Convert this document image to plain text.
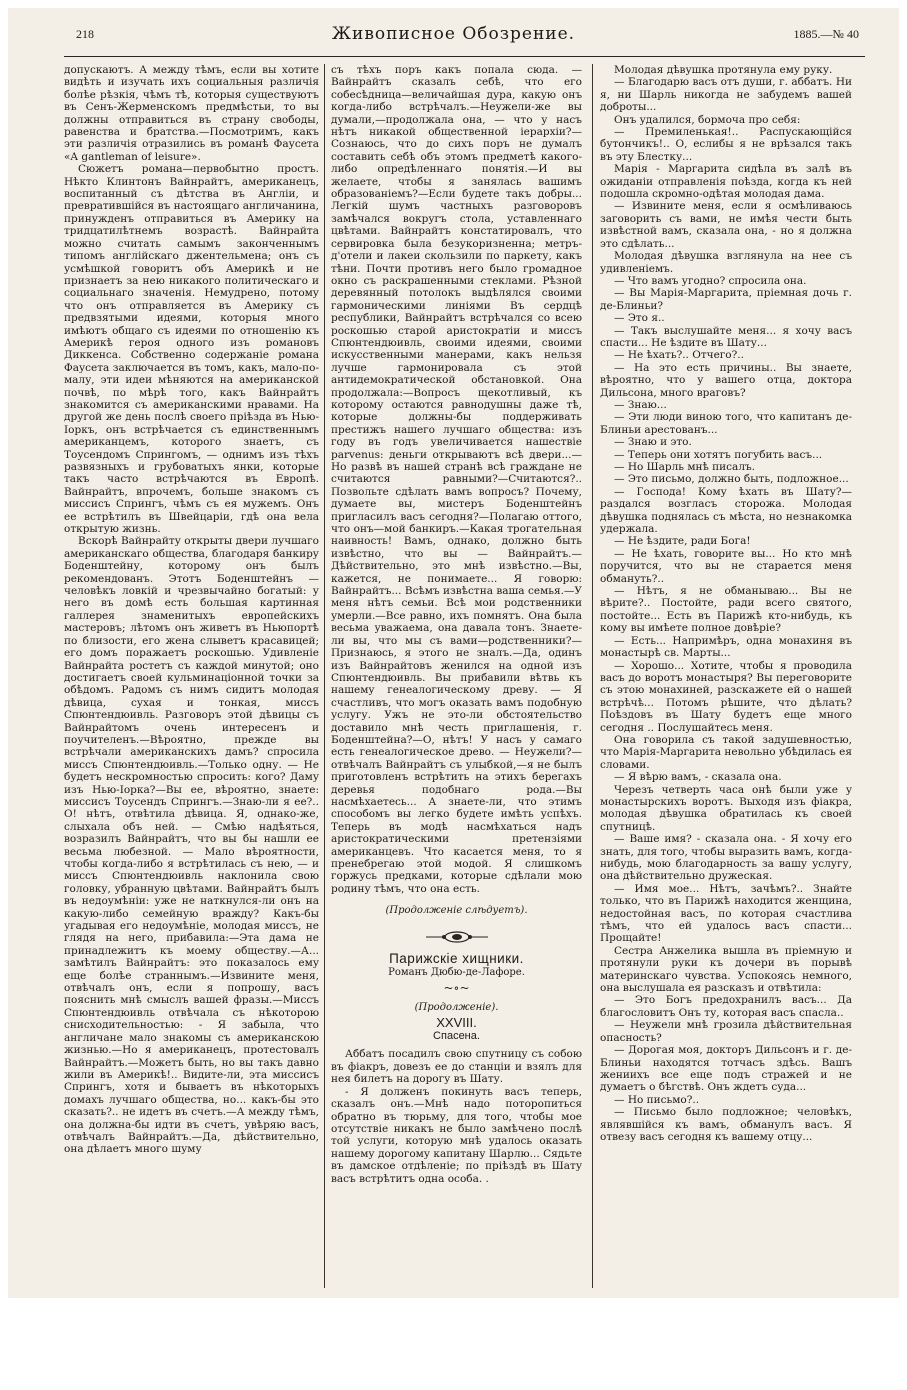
218	Живописное Обозрение.	1885.—№ 40

допускаютъ. А между тѣмъ, если вы хотите видѣть и изучать ихъ социальныя различія болѣе рѣзкія, чѣмъ тѣ, которыя существуютъ въ Сенъ-Жерменскомъ предмѣстьи, то вы должны отправиться въ страну свободы, равенства и братства.—Посмотримъ, какъ эти различія отразились въ романѣ Фаусета «A gantleman of leisure».

Сюжетъ романа—первобытно простъ. Нѣкто Клинтонъ Вайнрайтъ, американецъ, воспитанный съ дѣтства въ Англіи, и превратившійся въ настоящаго англичанина, принужденъ отправиться въ Америку на тридцатилѣтнемъ возрастѣ. Вайнрайта можно считать самымъ законченнымъ типомъ англійскаго джентельмена; онъ съ усмѣшкой говоритъ объ Америкѣ и не признаетъ за нею никакого политическаго и социальнаго значенія. Немудрено, потому что онъ отправляется въ Америку съ предвзятыми идеями, которыя много имѣютъ общаго съ идеями по отношенію къ Америкѣ героя одного изъ романовъ Диккенса. Собственно содержаніе романа Фаусета заключается въ томъ, какъ, мало-по-малу, эти идеи мѣняются на американской почвѣ, по мѣрѣ того, какъ Вайнрайтъ знакомится съ американскими нравами. На другой же день послѣ своего пріѣзда въ Нью-Іоркъ, онъ встрѣчается съ единственнымъ американцемъ, которого знаетъ, съ Тоусендомъ Спрингомъ, — однимъ изъ тѣхъ развязныхъ и грубоватыхъ янки, которые такъ часто встрѣчаются въ Европѣ. Вайнрайтъ, впрочемъ, больше знакомъ съ миссисъ Спрингъ, чѣмъ съ ея мужемъ. Онъ ее встрѣтилъ въ Швейцаріи, гдѣ она вела открытую жизнь.

Вскорѣ Вайнрайту открыты двери лучшаго американскаго общества, благодаря банкиру Боденштейну, которому онъ былъ рекомендованъ. Этотъ Боденштейнъ — человѣкъ ловкій и чрезвычайно богатый: у него въ домѣ есть большая картинная галлерея знаменитыхъ европейскихъ мастеровъ; лѣтомъ онъ живетъ въ Ньюпортѣ по близости, его жена слыветъ красавицей; его домъ поражаетъ роскошью. Удивленіе Вайнрайта ростетъ съ каждой минутой; оно достигаетъ своей кульминаціонной точки за обѣдомъ. Радомъ съ нимъ сидитъ молодая дѣвица, сухая и тонкая, миссъ Спюнтендюивль. Разговоръ этой дѣвицы съ Вайнрайтомъ очень интересенъ и поучителенъ.—Вѣроятно, прежде вы встрѣчали американскихъ дамъ? спросила миссъ Спюнтендюивль.—Только одну. — Не будетъ нескромностью спросить: кого? Даму изъ Нью-Іорка?—Вы ее, вѣроятно, знаете: миссисъ Тоусендъ Спрингъ.—Знаю-ли я ее?.. О! нѣтъ, отвѣтила дѣвица. Я, однако-же, слыхала объ ней. — Смѣю надѣяться, возразилъ Вайнрайтъ, что вы бы нашли ее весьма любезной. — Мало вѣроятности, чтобы когда-либо я встрѣтилась съ нею, — и миссъ Спюнтендюивль наклонила свою головку, убранную цвѣтами. Вайнрайтъ былъ въ недоумѣніи: уже не наткнулся-ли онъ на какую-либо семейную вражду? Какъ-бы угадывая его недоумѣніе, молодая миссъ, не глядя на него, прибавила:—Эта дама не принадлежитъ къ моему обществу.—А... замѣтилъ Вайнрайтъ: это показалось ему еще болѣе страннымъ.—Извините меня, отвѣчалъ онъ, если я попрошу, васъ пояснить мнѣ смыслъ вашей фразы.—Миссъ Спюнтендюивль отвѣчала съ нѣкоторою снисходительностью: - Я забыла, что англичане мало знакомы съ американскою жизнью.—Но я американецъ, протестовалъ Вайнрайтъ.—Можетъ быть, но вы такъ давно жили въ Америкѣ!.. Видите-ли, эта миссисъ Спрингъ, хотя и бываетъ въ нѣкоторыхъ домахъ лучшаго общества, но... какъ-бы это сказать?.. не идетъ въ счетъ.—А между тѣмъ, она должна-бы идти въ счетъ, увѣряю васъ, отвѣчалъ Вайнрайтъ.—Да, дѣйствительно, она дѣлаетъ много шуму

съ тѣхъ поръ какъ попала сюда. — Вайнрайтъ сказалъ себѣ, что его собесѣдница—величайшая дура, какую онъ когда-либо встрѣчалъ.—Неужели-же вы думали,—продолжала она, — что у насъ нѣтъ никакой общественной іерархіи?—Сознаюсь, что до сихъ поръ не думалъ составить себѣ объ этомъ предметѣ какого-либо опредѣленнаго понятія.—И вы желаете, чтобы я занялась вашимъ образованіемъ?—Если будете такъ добры... Легкій шумъ частныхъ разговоровъ замѣчался вокругъ стола, уставленнаго цвѣтами. Вайнрайтъ констатировалъ, что сервировка была безукоризненна; метръ-д'отели и лакеи скользили по паркету, какъ тѣни. Почти противъ него было громадное окно съ раскрашенными стеклами. Рѣзной деревянный потолокъ выдѣлялся своими гармоническими линіями Въ сердцѣ республики, Вайнрайтъ встрѣчался со всею роскошью старой аристократіи и миссъ Спюнтендюивль, своими идеями, своими искусственными манерами, какъ нельзя лучше гармонировала съ этой антидемократической обстановкой. Она продолжала:—Вопросъ щекотливый, къ которому остаются равнодушны даже тѣ, которые должны-бы поддерживать престижъ нашего лучшаго общества: изъ году въ годъ увеличивается нашествіе parvenus: деньги открываютъ всѣ двери...—Но развѣ въ нашей странѣ всѣ граждане не считаются равными?—Считаются?.. Позвольте сдѣлать вамъ вопросъ? Почему, думаете вы, мистеръ Боденштейнъ пригласилъ васъ сегодня?—Полагаю оттого, что онъ—мой банкиръ.—Какая трогательная наивность! Вамъ, однако, должно быть извѣстно, что вы — Вайнрайтъ.—Дѣйствительно, это мнѣ извѣстно.—Вы, кажется, не понимаете... Я говорю: Вайнрайтъ... Всѣмъ извѣстна ваша семья.—У меня нѣтъ семьи. Всѣ мои родственники умерли.—Все равно, ихъ помнятъ. Она была весьма уважаема, она давала тонъ. Знаете-ли вы, что мы съ вами—родственники?—Признаюсь, я этого не зналъ.—Да, одинъ изъ Вайнрайтовъ женился на одной изъ Спюнтендюивль. Вы прибавили вѣтвь къ нашему генеалогическому древу. — Я счастливъ, что могъ оказать вамъ подобную услугу. Ужъ не это-ли обстоятельство доставило мнѣ честь приглашенія, г. Боденштейна?—О, нѣтъ! У насъ у самаго есть генеалогическое древо. — Неужели?—отвѣчалъ Вайнрайтъ съ улыбкой,—я не былъ приготовленъ встрѣтить на этихъ берегахъ деревья подобнаго рода.—Вы насмѣхаетесь... А знаете-ли, что этимъ способомъ вы легко будете имѣть успѣхъ. Теперь въ модѣ насмѣхаться надъ аристократическими претензіями американцевъ. Что касается меня, то я пренебрегаю этой модой. Я слишкомъ горжусь предками, которые сдѣлали мою родину тѣмъ, что она есть.

(Продолженіе слѣдуетъ).
Парижскіе хищники.
Романъ Дюбю-де-Лафоре.
~∘~
(Продолженіе).
XXVIII.
Спасена.

Аббатъ посадилъ свою спутницу съ собою въ фіакръ, довезъ ее до станціи и взялъ для нея билетъ на дорогу въ Шату.

- Я долженъ покинуть васъ теперь, сказалъ онъ.—Мнѣ надо поторопиться обратно въ тюрьму, для того, чтобы мое отсутствіе никакъ не было замѣчено послѣ той услуги, которую мнѣ удалось оказать нашему дорогому капитану Шарлю... Сядьте въ дамское отдѣленіе; по пріѣздѣ въ Шату васъ встрѣтитъ одна особа. .

Молодая дѣвушка протянула ему руку.

— Благодарю васъ отъ души, г. аббатъ. Ни я, ни Шарль никогда не забудемъ вашей доброты...

Онъ удалился, бормоча про себя:

— Премиленькая!.. Распускающійся бутончикъ!.. О, еслибы я не врѣзался такъ въ эту Блестку...

Марія - Маргарита сидѣла въ залѣ въ ожиданіи отправленія поѣзда, когда къ ней подошла скромно-одѣтая молодая дама.

— Извините меня, если я осмѣливаюсь заговорить съ вами, не имѣя чести быть извѣстной вамъ, сказала она, - но я должна это сдѣлать...

Молодая дѣвушка взглянула на нее съ удивленіемъ.

— Что вамъ угодно? спросила она.

— Вы Марія-Маргарита, пріемная дочь г. де-Блиньи?

— Это я..

— Такъ выслушайте меня... я хочу васъ спасти... Не ѣздите въ Шату...

— Не ѣхать?.. Отчего?..

— На это есть причины.. Вы знаете, вѣроятно, что у вашего отца, доктора Дильсона, много враговъ?

— Знаю...

— Эти люди виною того, что капитанъ де-Блиньи арестованъ...

— Знаю и это.

— Теперь они хотятъ погубить васъ...

— Но Шарль мнѣ писалъ.

— Это письмо, должно быть, подложное...

— Господа! Кому ѣхать въ Шату?—раздался возгласъ сторожа. Молодая дѣвушка поднялась съ мѣста, но незнакомка удержала.

— Не ѣздите, ради Бога!

— Не ѣхать, говорите вы... Но кто мнѣ поручится, что вы не старается меня обмануть?..

— Нѣтъ, я не обманываю... Вы не вѣрите?.. Постойте, ради всего святого, постойте... Есть въ Парижѣ кто-нибудь, къ кому вы имѣете полное довѣріе?

— Есть... Напримѣръ, одна монахиня въ монастырѣ св. Марты...

— Хорошо... Хотите, чтобы я проводила васъ до воротъ монастыря? Вы переговорите съ этою монахиней, разскажете ей о нашей встрѣчѣ... Потомъ рѣшите, что дѣлать? Поѣздовъ въ Шату будетъ еще много сегодня .. Послушайтесь меня.

Она говорила съ такой задушевностью, что Марія-Маргарита невольно убѣдилась ея словами.

— Я вѣрю вамъ, - сказала она.

Черезъ четверть часа онѣ были уже у монастырскихъ воротъ. Выходя изъ фіакра, молодая дѣвушка обратилась къ своей спутницѣ.

— Ваше имя? - сказала она. - Я хочу его знать, для того, чтобы выразить вамъ, когда-нибудь, мою благодарность за вашу услугу, она дѣйствительно дружеская.

— Имя мое... Нѣтъ, зачѣмъ?.. Знайте только, что въ Парижѣ находится женщина, недостойная васъ, по которая счастлива тѣмъ, что ей удалось васъ спасти... Прощайте!

Сестра Анжелика вышла въ пріемную и протянули руки къ дочери въ порывѣ материнскаго чувства. Успокоясь немного, она выслушала ея разсказъ и отвѣтила:

— Это Богъ предохранилъ васъ... Да благословитъ Онъ ту, которая васъ спасла..

— Неужели мнѣ грозила дѣйствительная опасность?

— Дорогая моя, докторъ Дильсонъ и г. де-Блиньи находятся тотчасъ здѣсь. Вашъ жениихъ все еще подъ стражей и не думаетъ о бѣгствѣ. Онъ ждетъ суда...

— Но письмо?..

— Письмо было подложное; человѣкъ, являвшійся къ вамъ, обманулъ васъ. Я отвезу васъ сегодня къ вашему отцу...
